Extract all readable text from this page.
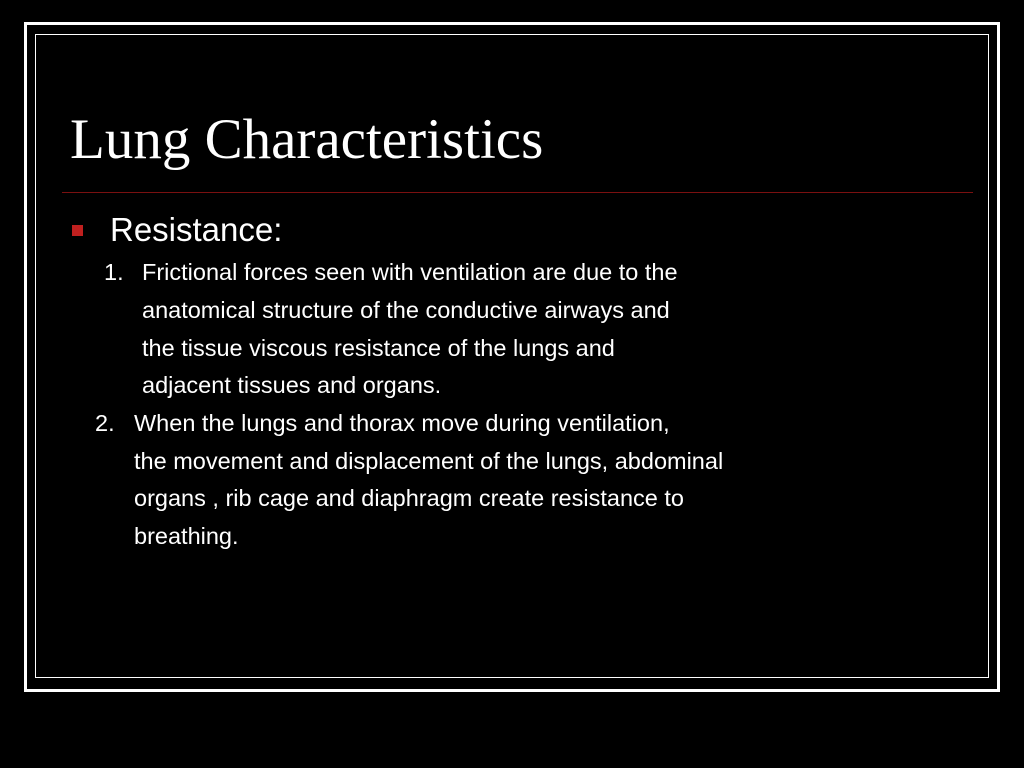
Lung Characteristics
Resistance:
1. Frictional forces seen with ventilation are due to the
anatomical structure of the conductive airways and
the tissue viscous resistance of the lungs and
adjacent tissues and organs.
2. When the lungs and thorax move during ventilation,
the movement and displacement of the lungs, abdominal
organs , rib cage and diaphragm create resistance to
breathing.
